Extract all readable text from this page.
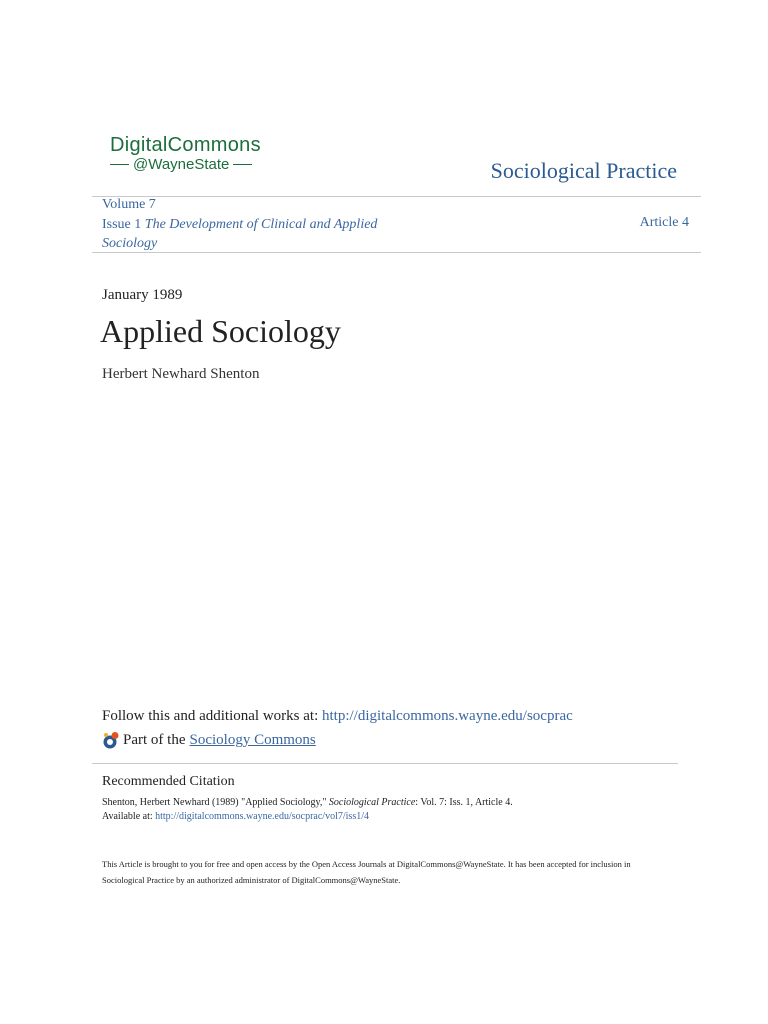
DigitalCommons
@WayneState	Sociological Practice
Volume 7
Issue 1 The Development of Clinical and Applied Sociology
Article 4
January 1989
Applied Sociology
Herbert Newhard Shenton
Follow this and additional works at: http://digitalcommons.wayne.edu/socprac
Part of the Sociology Commons
Recommended Citation
Shenton, Herbert Newhard (1989) "Applied Sociology," Sociological Practice: Vol. 7: Iss. 1, Article 4.
Available at: http://digitalcommons.wayne.edu/socprac/vol7/iss1/4
This Article is brought to you for free and open access by the Open Access Journals at DigitalCommons@WayneState. It has been accepted for inclusion in Sociological Practice by an authorized administrator of DigitalCommons@WayneState.
